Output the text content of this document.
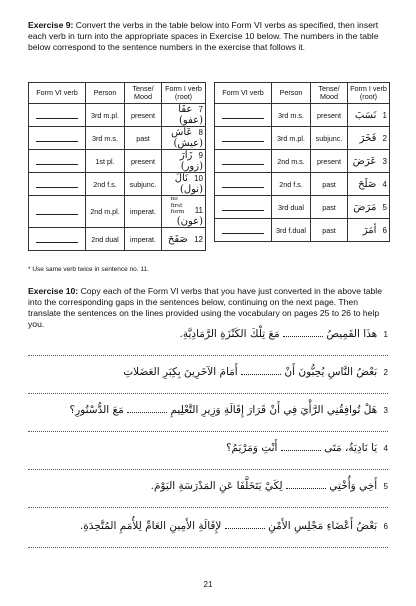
Exercise 9: Convert the verbs in the table below into Form VI verbs as specified, then insert each verb in turn into the appropriate spaces in Exercise 10 below. The numbers in the table below correspond to the sentence numbers in the exercise that follows it.
Form VI verb	Person	Tense/ Mood	Form I verb (root)
	3rd m.pl.	present	7 عفَا (عفو)
	3rd m.s.	past	8 عَاش (عيش)
	1st pl.	present	9 زَارَ (زور)
	2nd f.s.	subjunc.	10 نَالَ (نول)
	2nd m.pl.	imperat.	11 no first form(عون)
	2nd dual	imperat.	12 صَفَحَ
Form VI verb	Person	Tense/ Mood	Form I verb (root)
	3rd m.s.	present	1 نَسَبَ
	3rd m.pl.	subjunc.	2 فَخَرَ
	2nd m.s.	present	3 عَرَضَ
	2nd f.s.	past	4 صَلَحَ
	3rd dual	past	5 مَرَضَ
	3rd f.dual	past	6 أمَرَ
* Use same verb twice in sentence no. 11.
Exercise 10: Copy each of the Form VI verbs that you have just converted in the above table into the corresponding gaps in the sentences below, continuing on the next page. Then translate the sentences on the lines provided using the vocabulary on pages 25 to 26 to help you.
1 هذَا القَمِيصُ  مَعَ تِلْكَ الكَنْزَةِ الرَّمَادِيَّةِ.
2 بَعْضُ النَّاسِ يُحِبُّونَ أَنْ  أَمَامَ الآخَرِينَ بِكِبَرِ العَضَلاتِ
3 هَلْ تُوافِقُنِي الرَّأْيَ فِي أَنْ قَرَارَ إِقَالَةِ وَزِيرِ التَّعْلِيمِ  مَعَ الدُّسْتُورِ؟
4 يَا نَادِيَةُ، مَتَى  أَنْتِ وَمَرْيَمُ؟
5 أَخِي وَأُخْتِي  لِكَيْ يَتَخَلَّفَا عَنِ المَدْرَسَةِ اليَوْمَ.
6 بَعْضُ أَعْضَاءِ مَجْلِسِ الأَمْنِ  لإِقَالَةِ الأَمِينِ العَامِّ لِلأُمَمِ المُتَّحِدَةِ.
21
